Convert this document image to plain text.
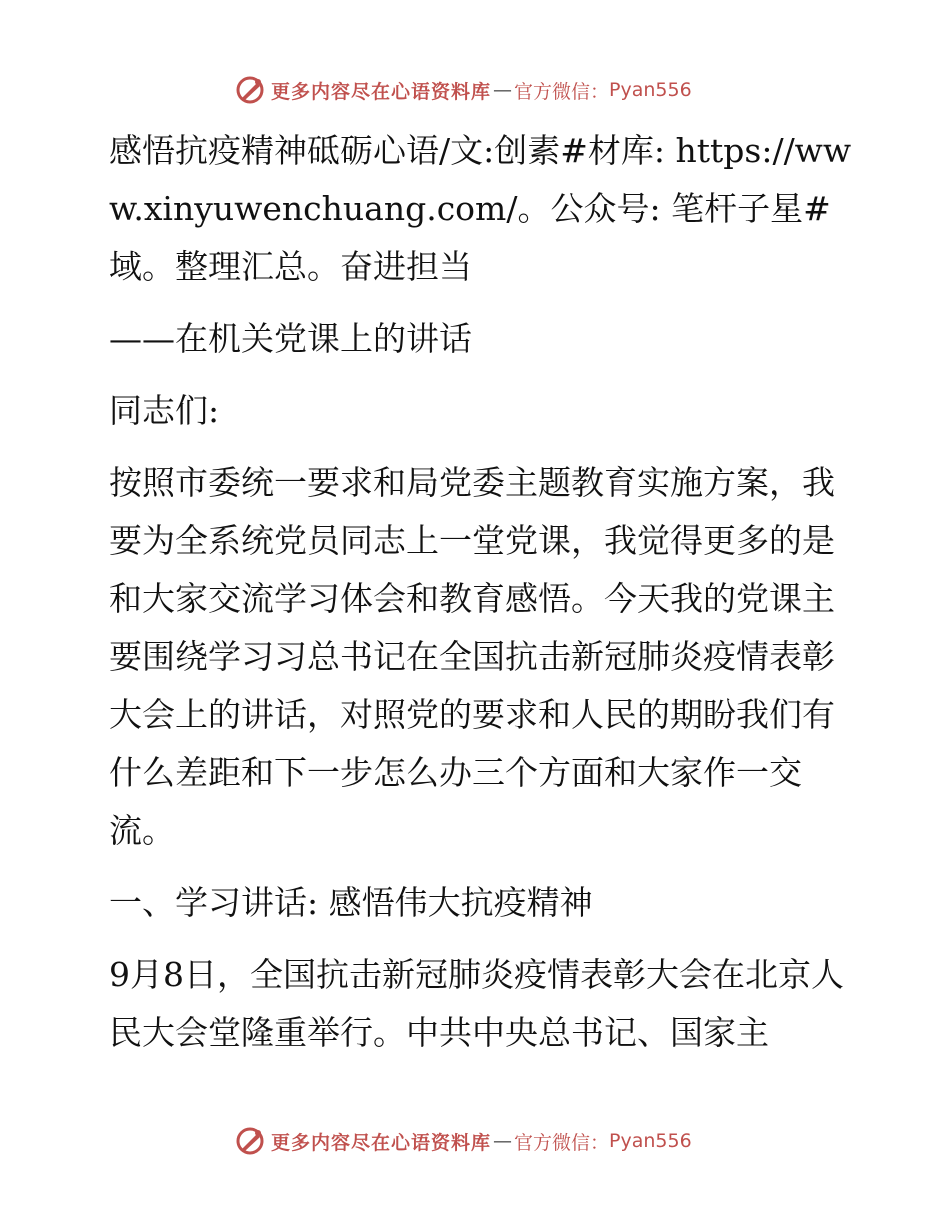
更多内容尽在心语资料库 — 官方微信： Pyan556

感悟抗疫精神砥砺心语/文:创素#材库: https://www.xinyuwenchuang.com/。公众号: 笔杆子星#域。整理汇总。奋进担当

——在机关党课上的讲话

同志们:

按照市委统一要求和局党委主题教育实施方案，我要为全系统党员同志上一堂党课，我觉得更多的是和大家交流学习体会和教育感悟。今天我的党课主要围绕学习习总书记在全国抗击新冠肺炎疫情表彰大会上的讲话，对照党的要求和人民的期盼我们有什么差距和下一步怎么办三个方面和大家作一交流。

一、学习讲话: 感悟伟大抗疫精神

9月8日，全国抗击新冠肺炎疫情表彰大会在北京人民大会堂隆重举行。中共中央总书记、国家主

更多内容尽在心语资料库 — 官方微信： Pyan556
